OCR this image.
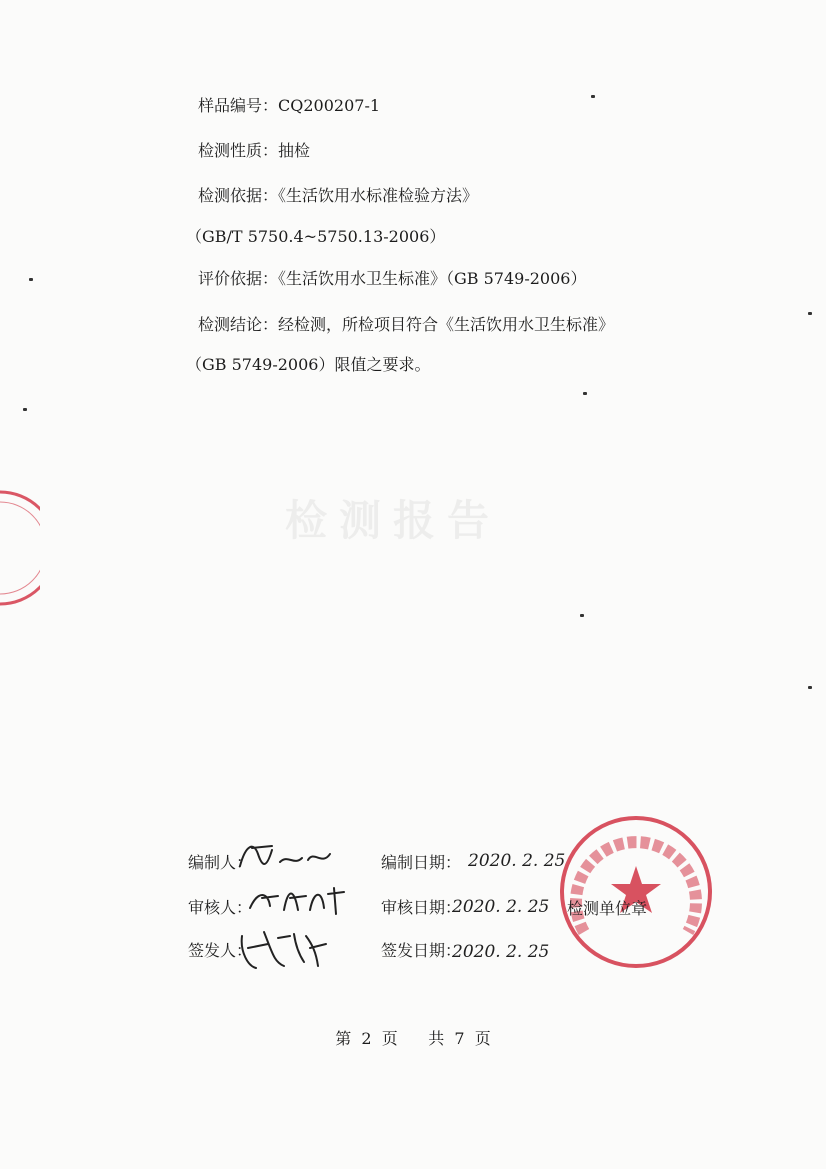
检测报告
样品编号：CQ200207-1
检测性质：抽检
检测依据：《生活饮用水标准检验方法》
（GB/T 5750.4~5750.13-2006）
评价依据：《生活饮用水卫生标准》（GB 5749-2006）
检测结论：经检测，所检项目符合《生活饮用水卫生标准》
（GB 5749-2006）限值之要求。
编制人：	编制日期： 2020. 2. 25
审核人：	审核日期：
2020. 2. 25
签发人：	签发日期：
2020. 2. 25
检测单位章
第  2  页      共  7  页
